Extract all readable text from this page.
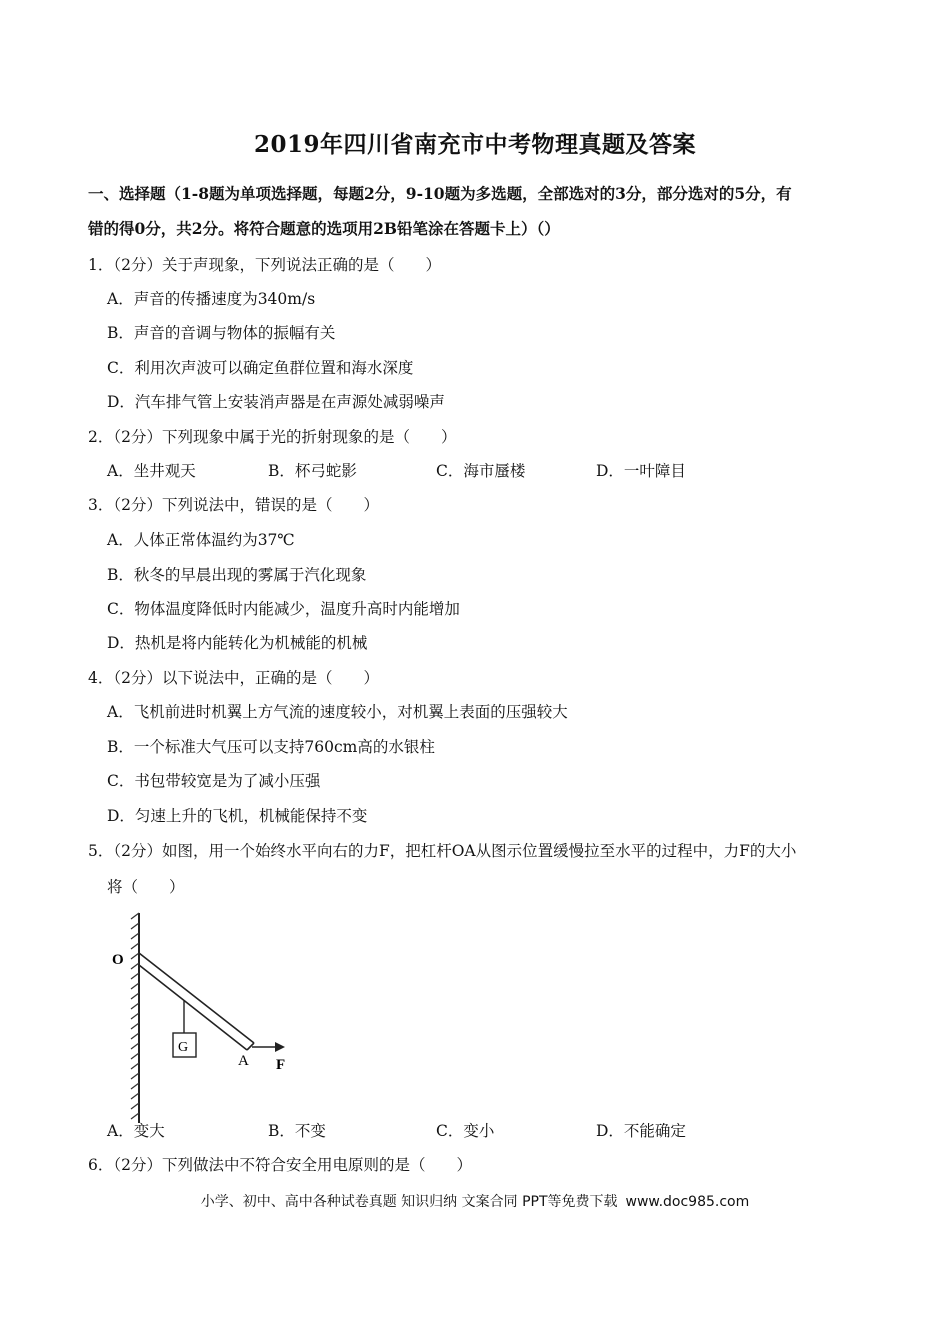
2019年四川省南充市中考物理真题及答案
一、选择题（1-8题为单项选择题，每题2分，9-10题为多选题，全部选对的3分，部分选对的5分，有
错的得0分，共2分。将符合题意的选项用2B铅笔涂在答题卡上）（）
1．（2分）关于声现象，下列说法正确的是（　　）
A．声音的传播速度为340m/s
B．声音的音调与物体的振幅有关
C．利用次声波可以确定鱼群位置和海水深度
D．汽车排气管上安装消声器是在声源处减弱噪声
2．（2分）下列现象中属于光的折射现象的是（　　）
A．坐井观天	B．杯弓蛇影	C．海市蜃楼	D．一叶障目
3．（2分）下列说法中，错误的是（　　）
A．人体正常体温约为37℃
B．秋冬的早晨出现的雾属于汽化现象
C．物体温度降低时内能减少，温度升高时内能增加
D．热机是将内能转化为机械能的机械
4．（2分）以下说法中，正确的是（　　）
A．飞机前进时机翼上方气流的速度较小，对机翼上表面的压强较大
B．一个标准大气压可以支持760cm高的水银柱
C．书包带较宽是为了减小压强
D．匀速上升的飞机，机械能保持不变
5．（2分）如图，用一个始终水平向右的力F，把杠杆OA从图示位置缓慢拉至水平的过程中，力F的大小
将（　　）
O
G
A F
A．变大	B．不变	C．变小	D．不能确定
6．（2分）下列做法中不符合安全用电原则的是（　　）
小学、初中、高中各种试卷真题 知识归纳 文案合同 PPT等免费下载 www.doc985.com
